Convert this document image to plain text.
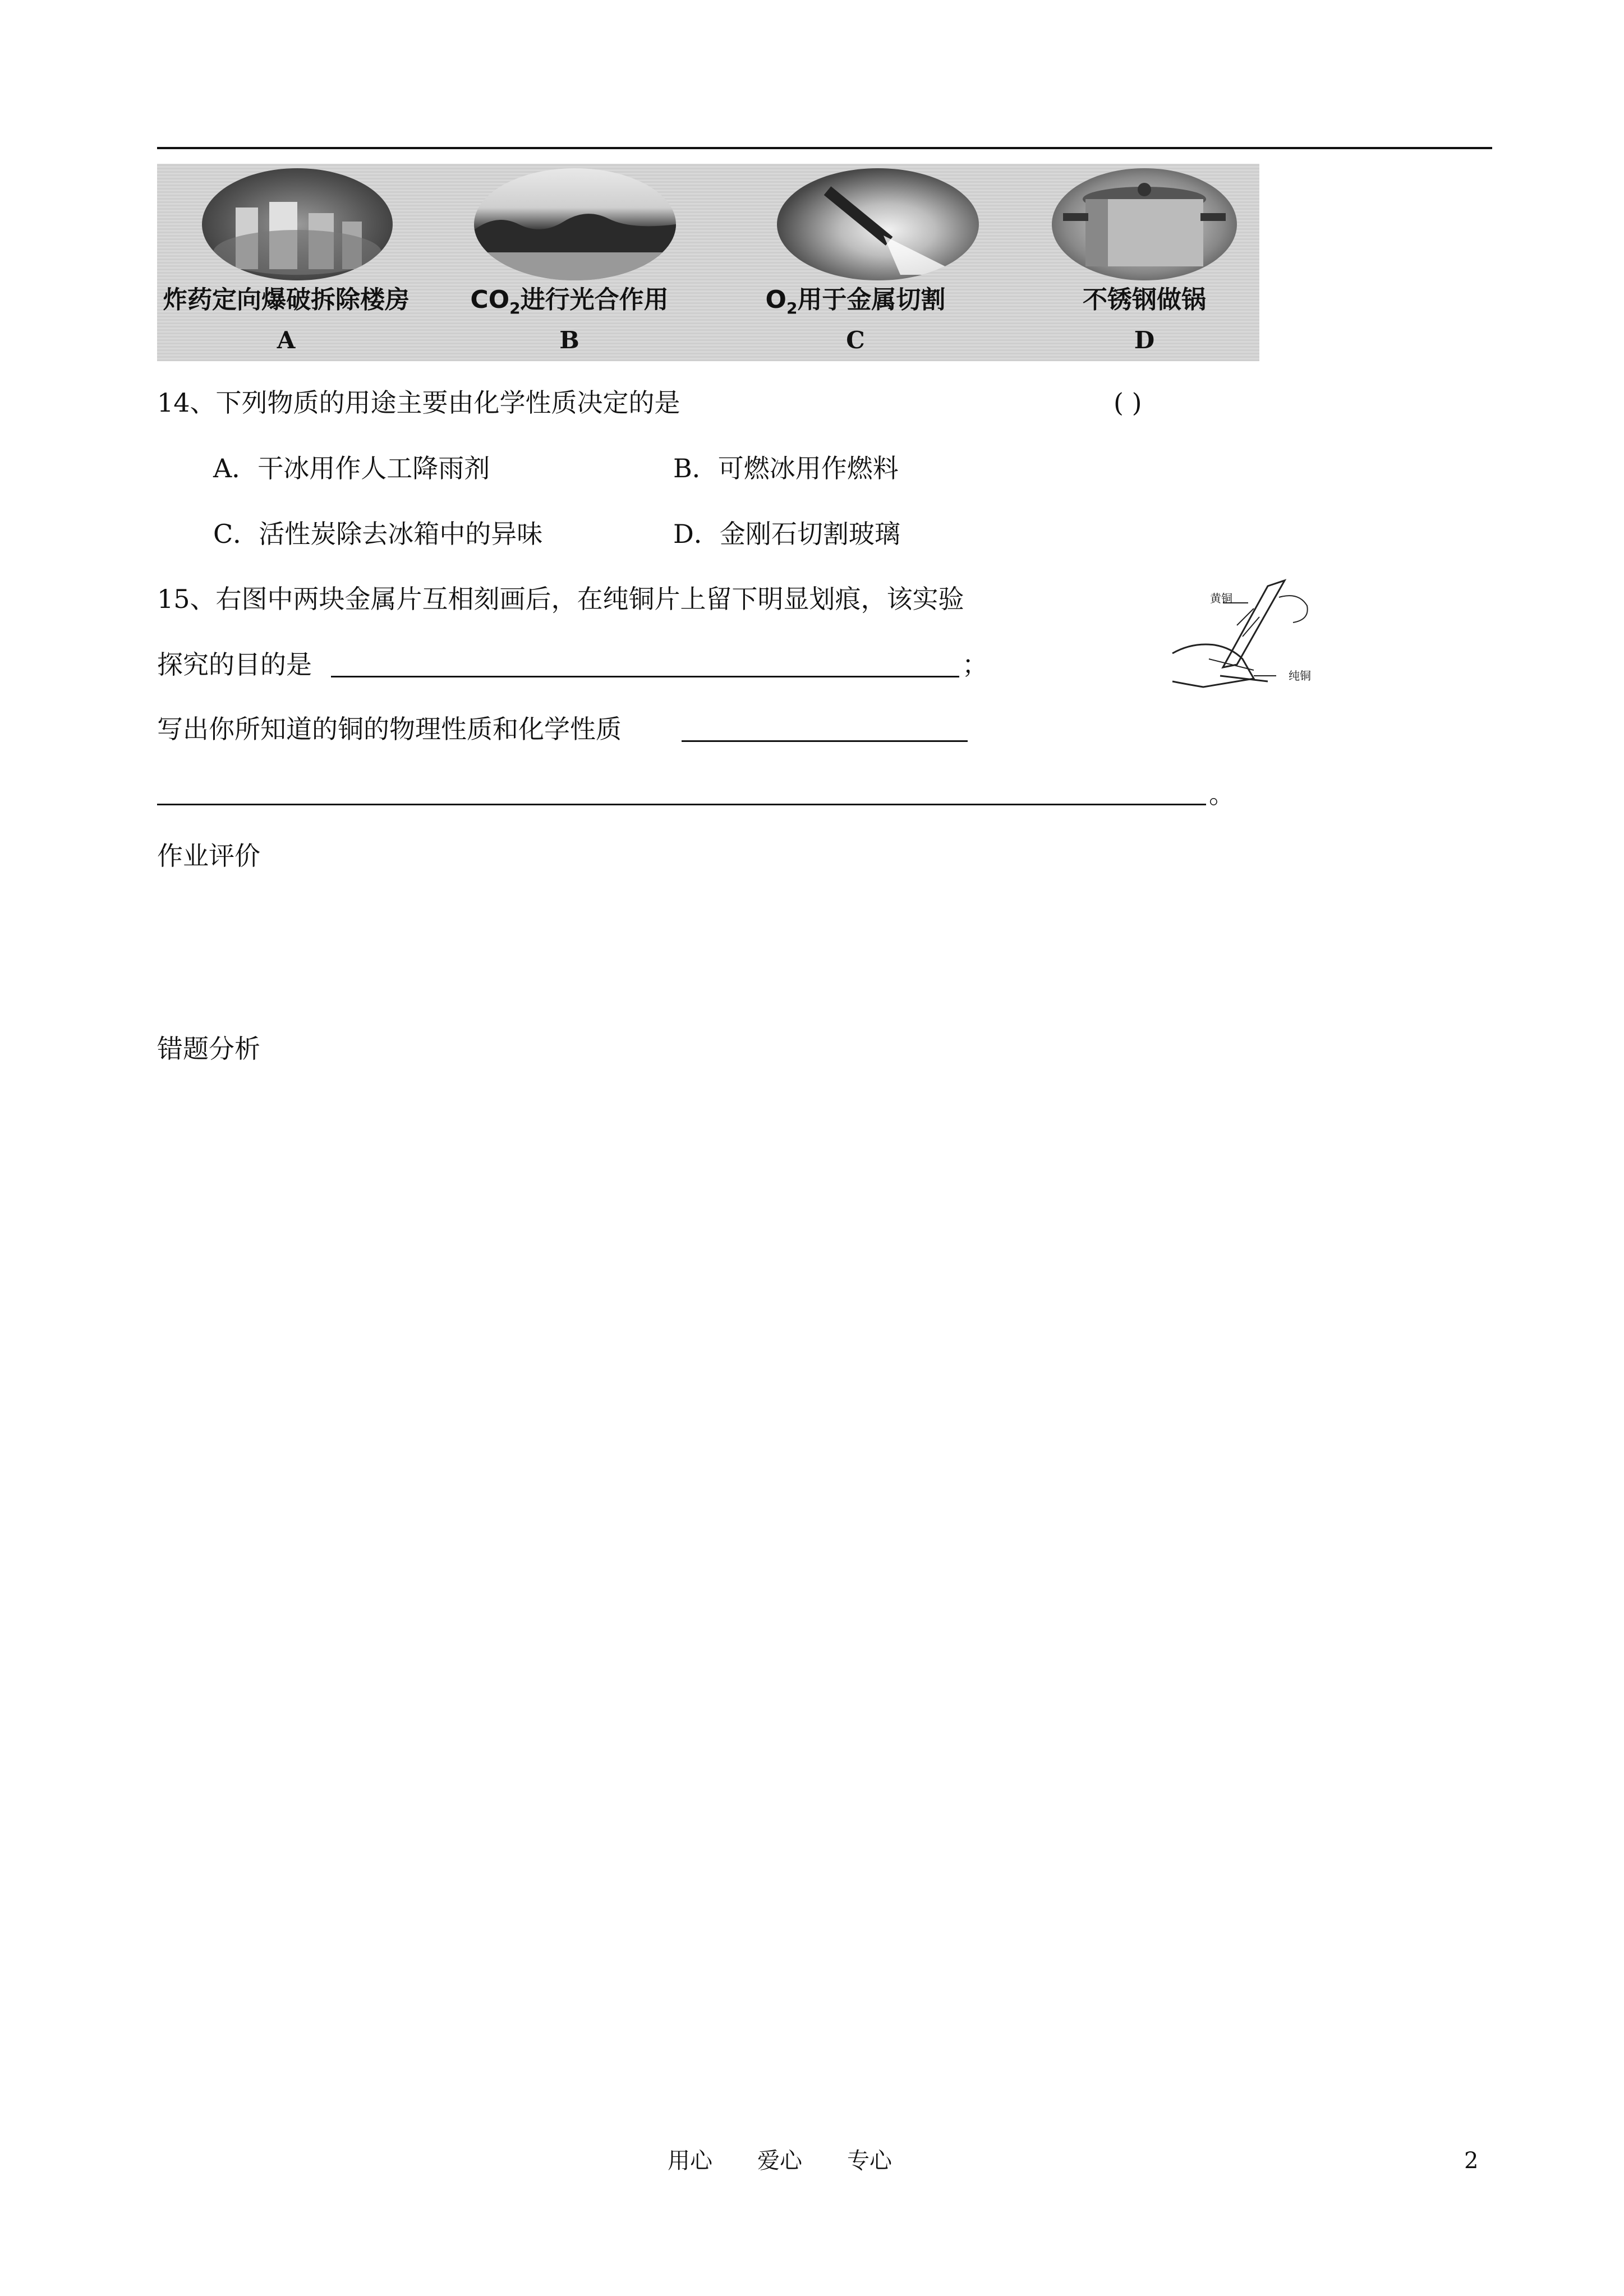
炸药定向爆破拆除楼房
A
$CO_2$进行光合作用
B
$O_2$用于金属切割
C
不锈钢做锅
D
14、下列物质的用途主要由化学性质决定的是	( )
A．干冰用作人工降雨剂	B．可燃冰用作燃料
C．活性炭除去冰箱中的异味	D．金刚石切割玻璃
15、右图中两块金属片互相刻画后，在纯铜片上留下明显划痕，该实验
探究的目的是	；
写出你所知道的铜的物理性质和化学性质
。
黄铜
纯铜
作业评价
错题分析
用心　　爱心　　专心	2
